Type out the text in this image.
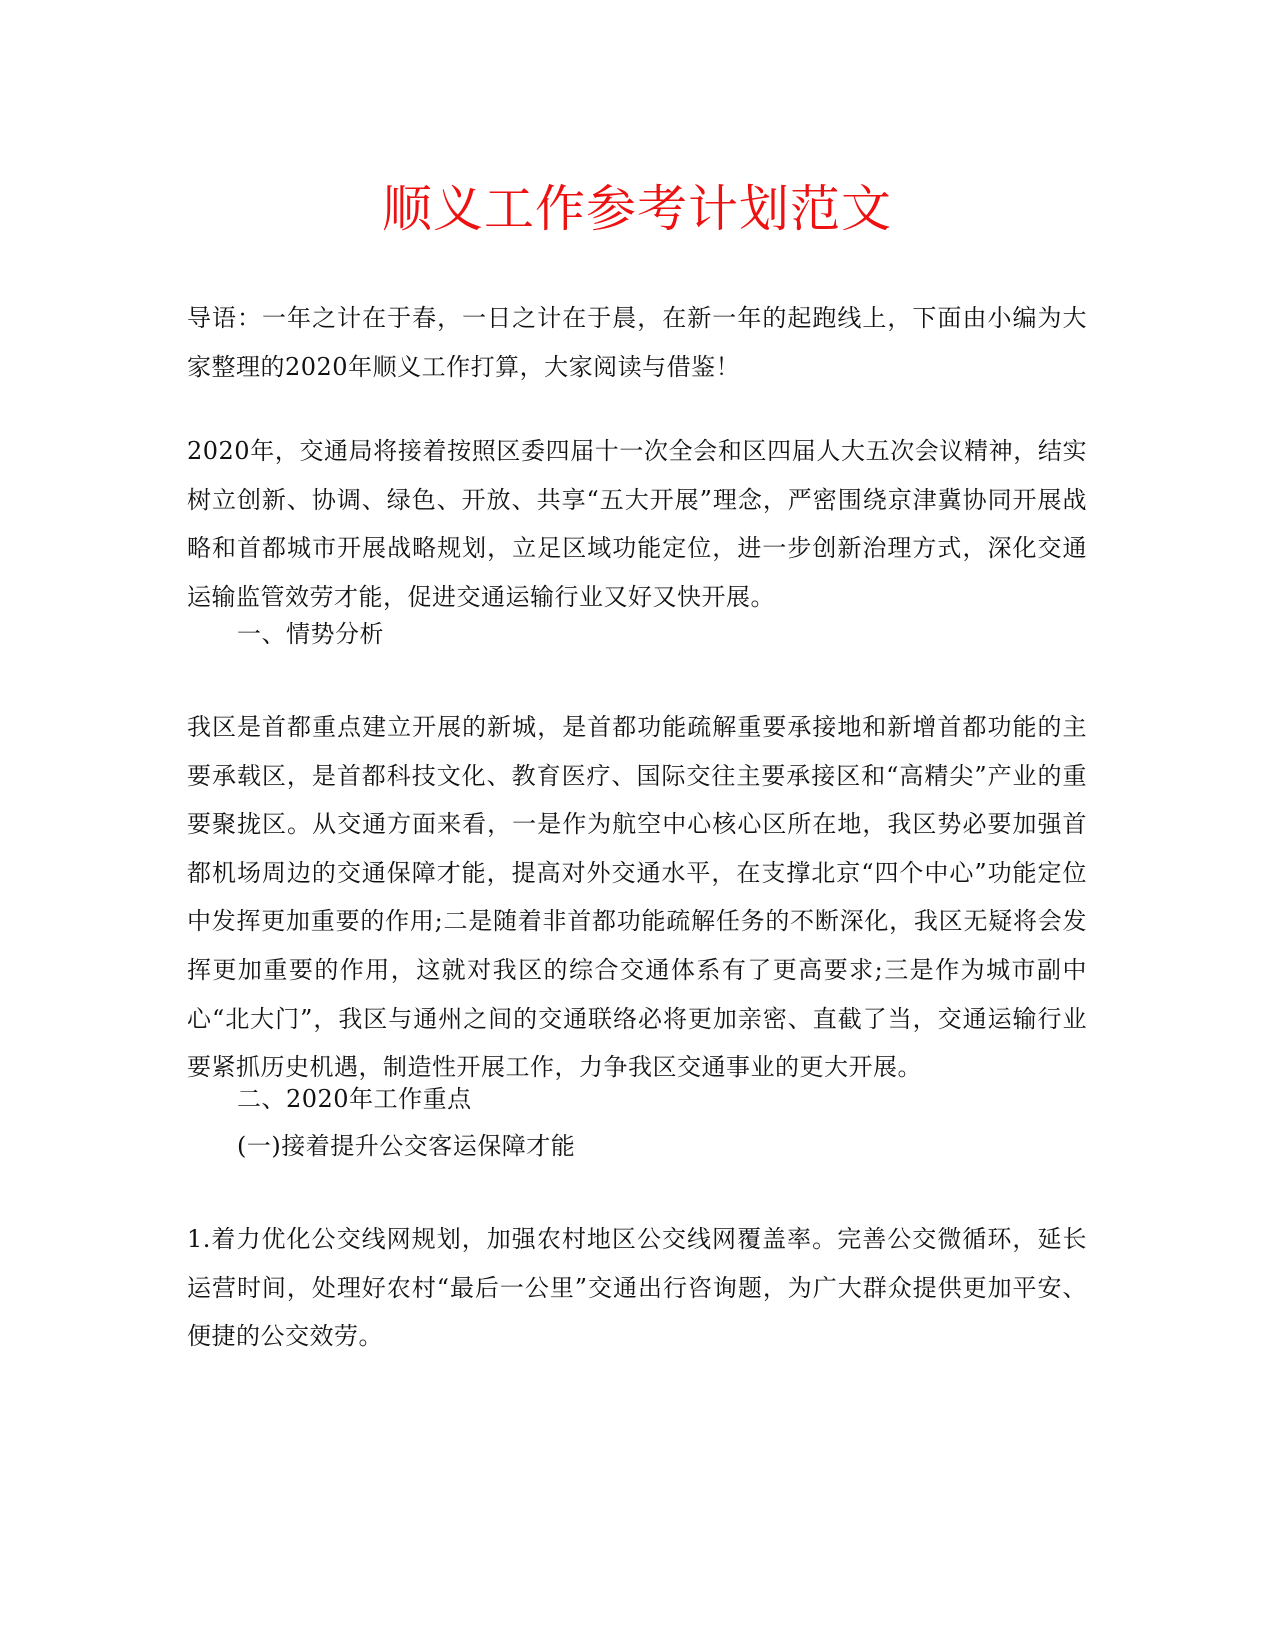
顺义工作参考计划范文

导语：一年之计在于春，一日之计在于晨，在新一年的起跑线上，下面由小编为大家整理的2020年顺义工作打算，大家阅读与借鉴！

2020年，交通局将接着按照区委四届十一次全会和区四届人大五次会议精神，结实树立创新、协调、绿色、开放、共享“五大开展”理念，严密围绕京津冀协同开展战略和首都城市开展战略规划，立足区域功能定位，进一步创新治理方式，深化交通运输监管效劳才能，促进交通运输行业又好又快开展。

一、情势分析

我区是首都重点建立开展的新城，是首都功能疏解重要承接地和新增首都功能的主要承载区，是首都科技文化、教育医疗、国际交往主要承接区和“高精尖”产业的重要聚拢区。从交通方面来看，一是作为航空中心核心区所在地，我区势必要加强首都机场周边的交通保障才能，提高对外交通水平，在支撑北京“四个中心”功能定位中发挥更加重要的作用;二是随着非首都功能疏解任务的不断深化，我区无疑将会发挥更加重要的作用，这就对我区的综合交通体系有了更高要求;三是作为城市副中心“北大门”，我区与通州之间的交通联络必将更加亲密、直截了当，交通运输行业要紧抓历史机遇，制造性开展工作，力争我区交通事业的更大开展。

二、2020年工作重点

(一)接着提升公交客运保障才能

1.着力优化公交线网规划，加强农村地区公交线网覆盖率。完善公交微循环，延长运营时间，处理好农村“最后一公里”交通出行咨询题，为广大群众提供更加平安、便捷的公交效劳。
